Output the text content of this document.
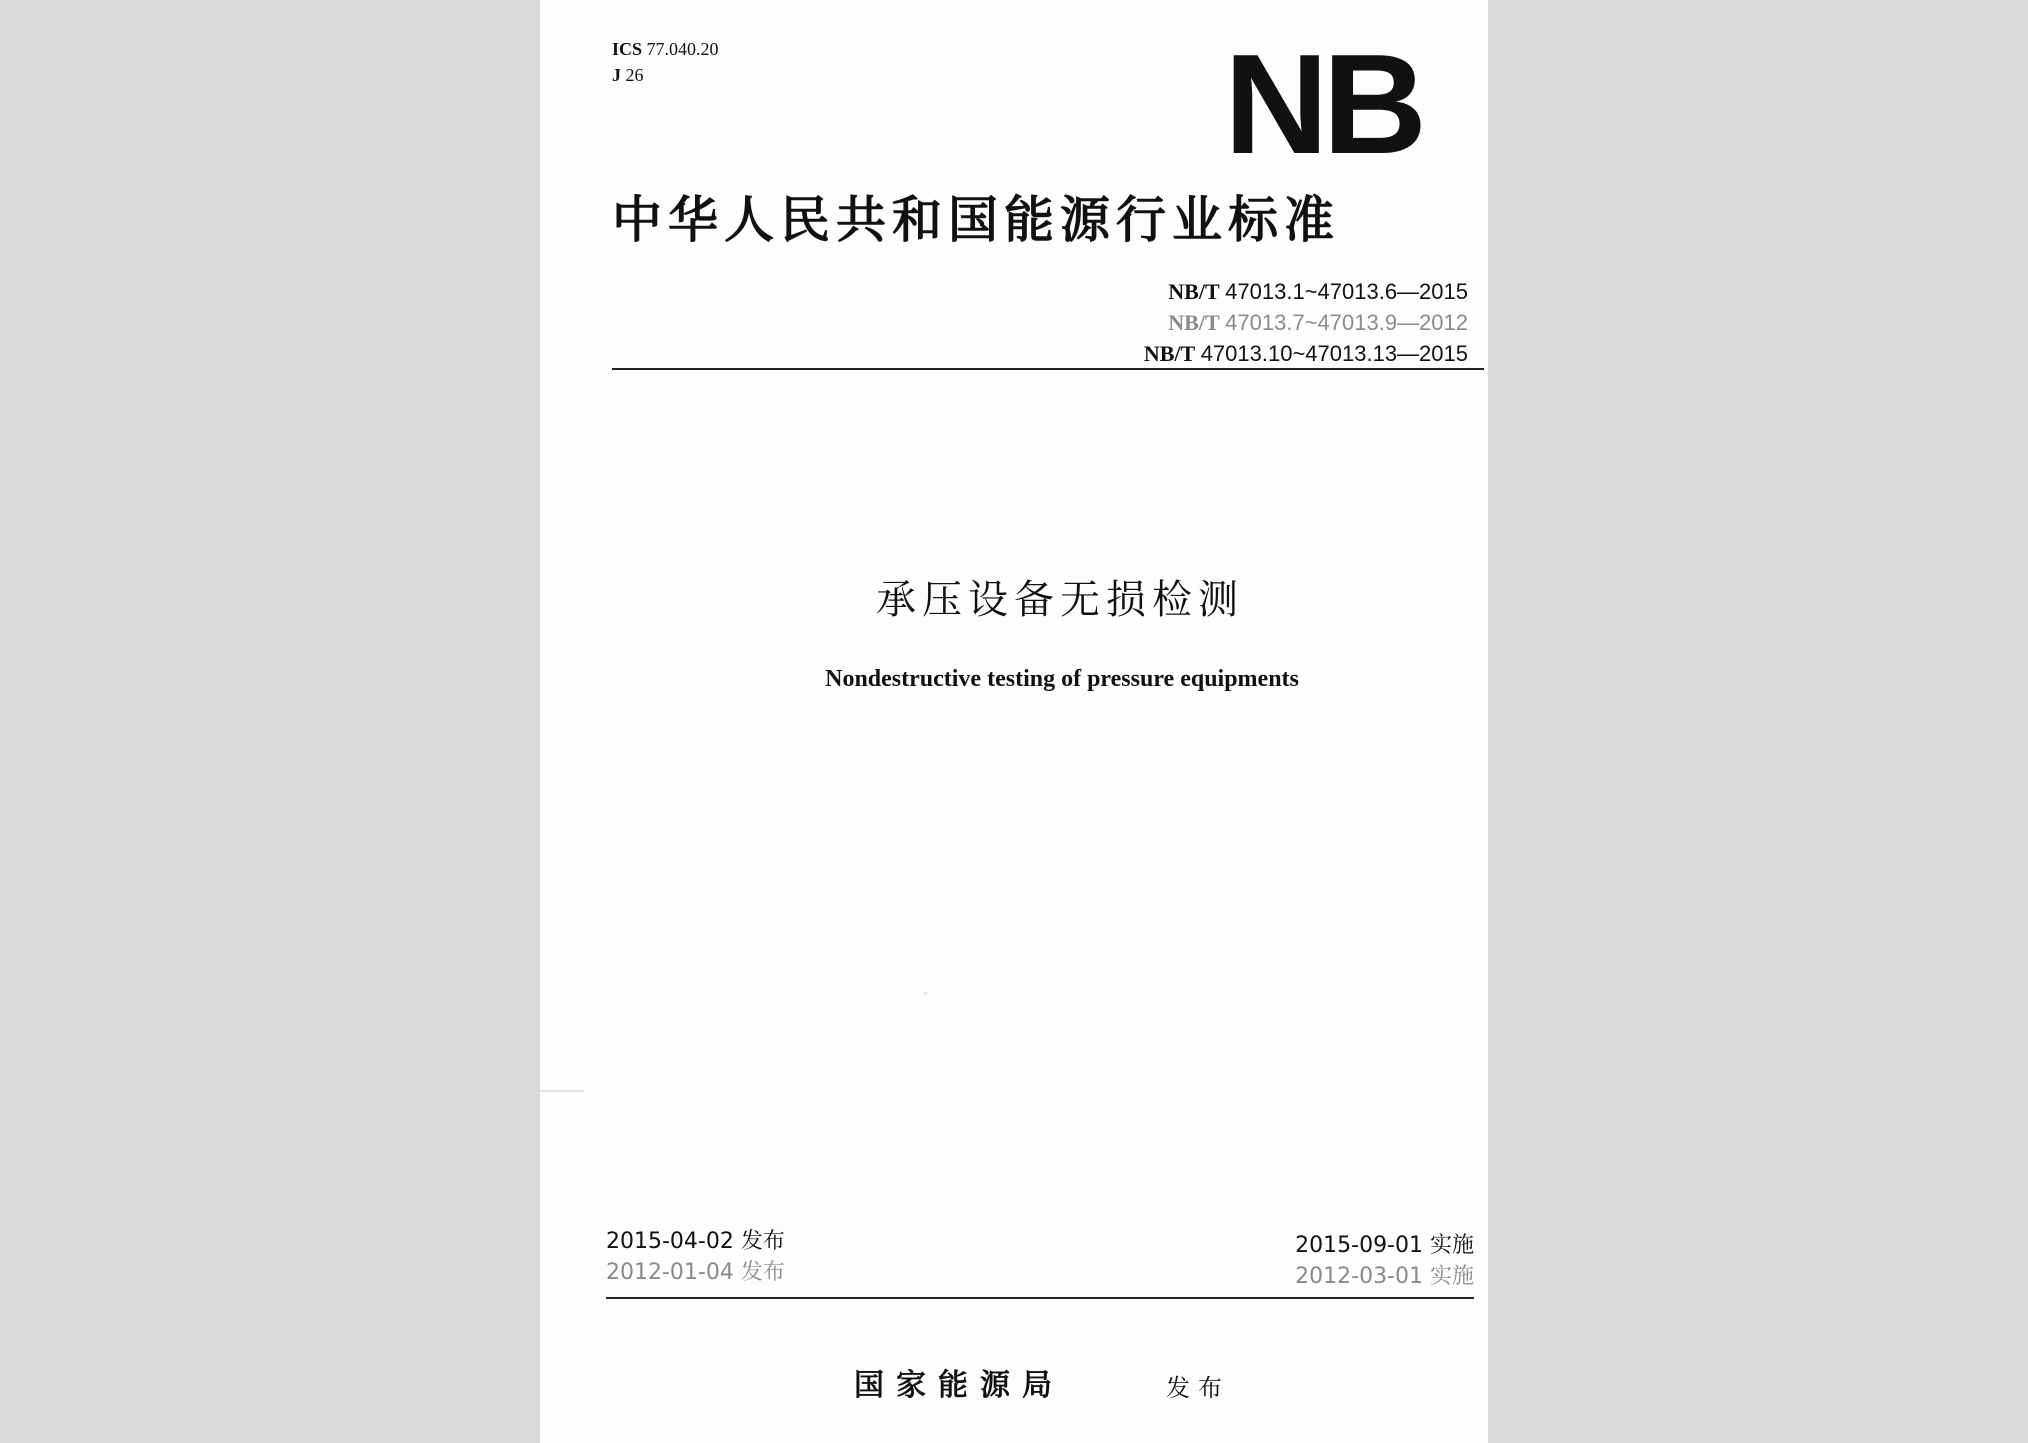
ICS 77.040.20
J 26	NB
中华人民共和国能源行业标准
NB/T 47013.1~47013.6—2015
NB/T 47013.7~47013.9—2012
NB/T 47013.10~47013.13—2015
承压设备无损检测
Nondestructive testing of pressure equipments
2015-04-02 发布
2012-01-04 发布
2015-09-01 实施
2012-03-01 实施
国家能源局	发布
